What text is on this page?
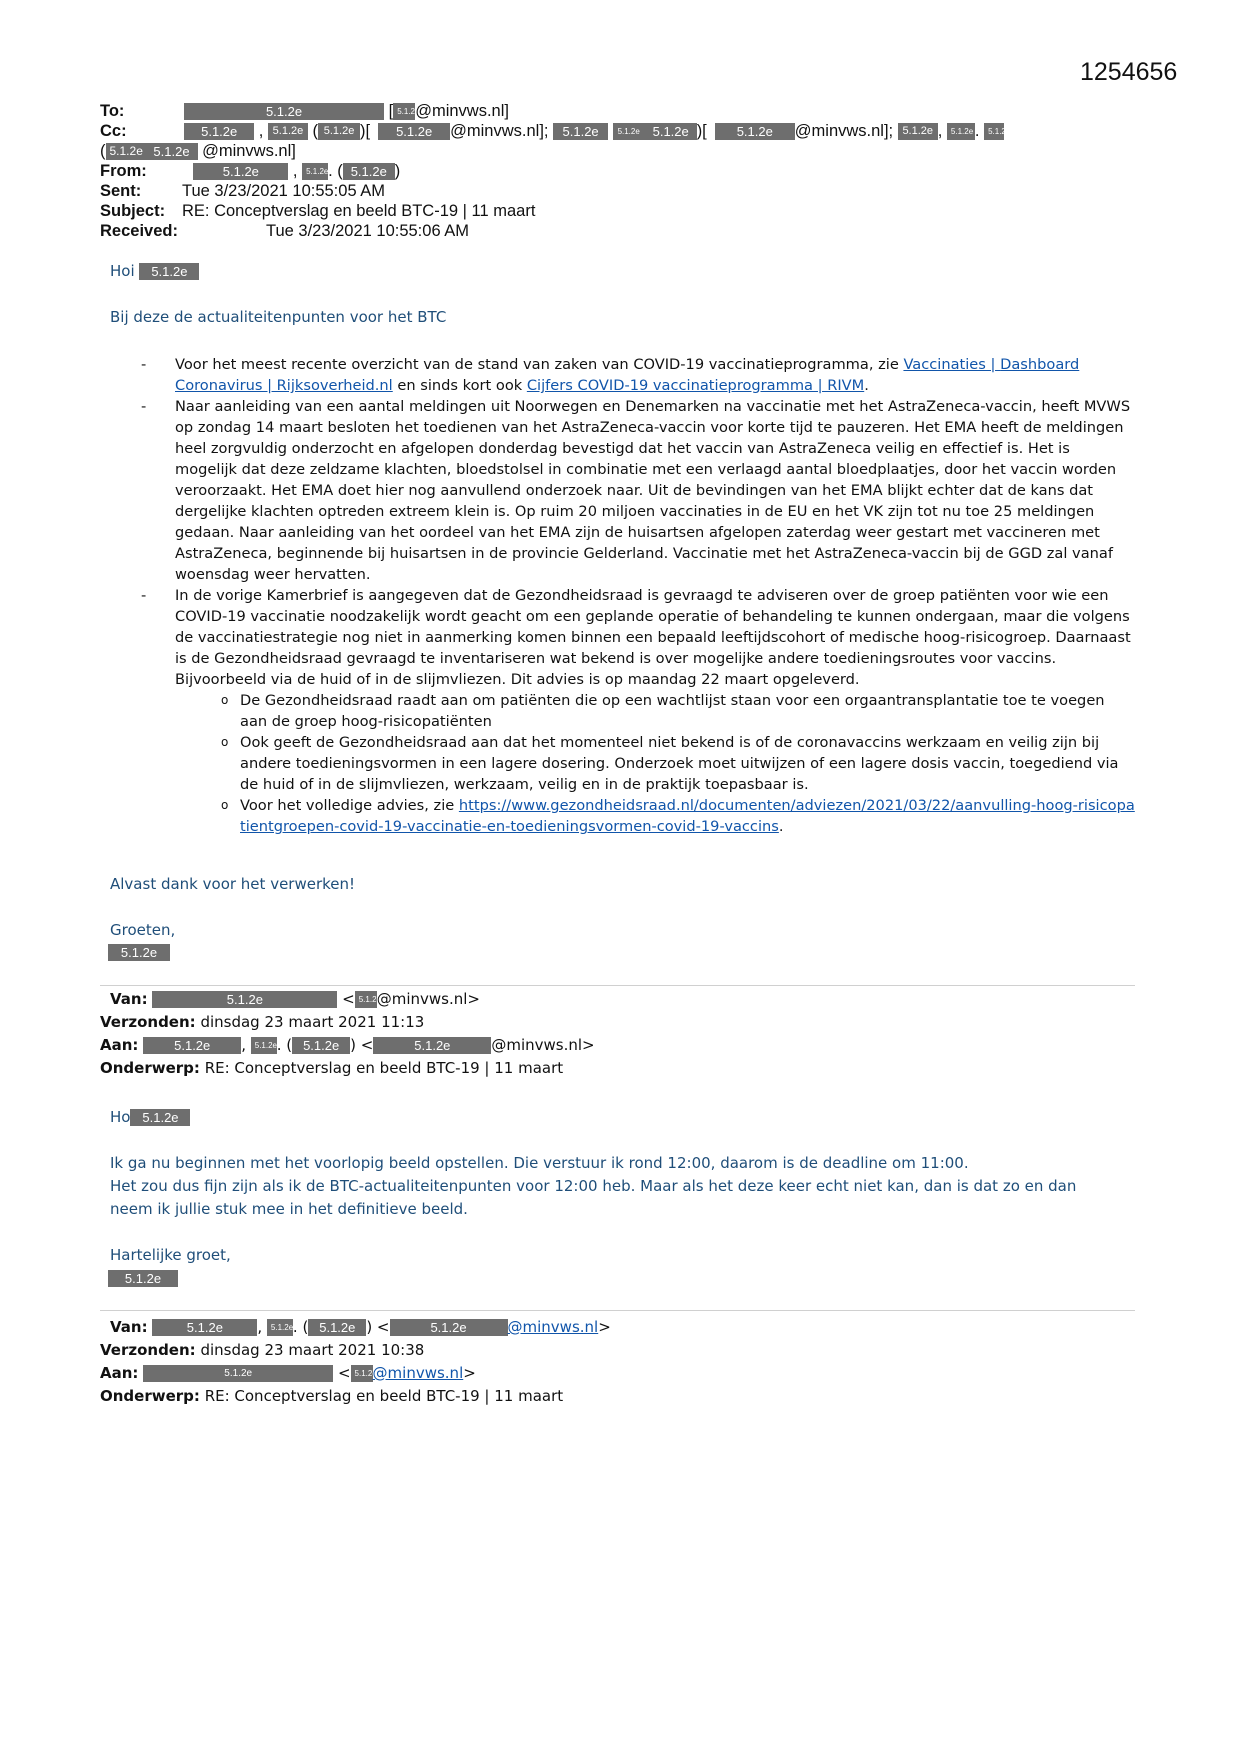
1254656
To:	5.1.2e	[ 5.1.2e@minvws.nl]
Cc:	5.1.2e , 5.1.2e ( 5.1.2e )[ 5.1.2e @minvws.nl]; 5.1.2e 5.1.2e 5.1.2e )[ 5.1.2e @minvws.nl]; 5.1.2e , 5.1.2e . 5.1.2e
( 5.1.2e 5.1.2e @minvws.nl]
From:	5.1.2e , 5.1.2e. ( 5.1.2e )
Sent: Tue 3/23/2021 10:55:05 AM
Subject: RE: Conceptverslag en beeld BTC-19 | 11 maart
Received:	Tue 3/23/2021 10:55:06 AM
Hoi 5.1.2e
Bij deze de actualiteitenpunten voor het BTC
- Voor het meest recente overzicht van de stand van zaken van COVID-19 vaccinatieprogramma, zie Vaccinaties | Dashboard Coronavirus | Rijksoverheid.nl en sinds kort ook Cijfers COVID-19 vaccinatieprogramma | RIVM.
- Naar aanleiding van een aantal meldingen uit Noorwegen en Denemarken na vaccinatie met het AstraZeneca-vaccin, heeft MVWS op zondag 14 maart besloten het toedienen van het AstraZeneca-vaccin voor korte tijd te pauzeren. Het EMA heeft de meldingen heel zorgvuldig onderzocht en afgelopen donderdag bevestigd dat het vaccin van AstraZeneca veilig en effectief is. Het is mogelijk dat deze zeldzame klachten, bloedstolsel in combinatie met een verlaagd aantal bloedplaatjes, door het vaccin worden veroorzaakt. Het EMA doet hier nog aanvullend onderzoek naar. Uit de bevindingen van het EMA blijkt echter dat de kans dat dergelijke klachten optreden extreem klein is. Op ruim 20 miljoen vaccinaties in de EU en het VK zijn tot nu toe 25 meldingen gedaan. Naar aanleiding van het oordeel van het EMA zijn de huisartsen afgelopen zaterdag weer gestart met vaccineren met AstraZeneca, beginnende bij huisartsen in de provincie Gelderland. Vaccinatie met het AstraZeneca-vaccin bij de GGD zal vanaf woensdag weer hervatten.
- In de vorige Kamerbrief is aangegeven dat de Gezondheidsraad is gevraagd te adviseren over de groep patiënten voor wie een COVID-19 vaccinatie noodzakelijk wordt geacht om een geplande operatie of behandeling te kunnen ondergaan, maar die volgens de vaccinatiestrategie nog niet in aanmerking komen binnen een bepaald leeftijdscohort of medische hoog-risicogroep. Daarnaast is de Gezondheidsraad gevraagd te inventariseren wat bekend is over mogelijke andere toedieningsroutes voor vaccins. Bijvoorbeeld via de huid of in de slijmvliezen. Dit advies is op maandag 22 maart opgeleverd.
o De Gezondheidsraad raadt aan om patiënten die op een wachtlijst staan voor een orgaantransplantatie toe te voegen aan de groep hoog-risicopatiënten
o Ook geeft de Gezondheidsraad aan dat het momenteel niet bekend is of de coronavaccins werkzaam en veilig zijn bij andere toedieningsvormen in een lagere dosering. Onderzoek moet uitwijzen of een lagere dosis vaccin, toegediend via de huid of in de slijmvliezen, werkzaam, veilig en in de praktijk toepasbaar is.
o Voor het volledige advies, zie https://www.gezondheidsraad.nl/documenten/adviezen/2021/03/22/aanvulling-hoog-risicopatientgroepen-covid-19-vaccinatie-en-toedieningsvormen-covid-19-vaccins.
Alvast dank voor het verwerken!
Groeten,
5.1.2e
Van:	5.1.2e	< 5.1.2e@minvws.nl>
Verzonden: dinsdag 23 maart 2021 11:13
Aan:	5.1.2e , 5.1.2e. ( 5.1.2e ) <	5.1.2e	@minvws.nl>
Onderwerp: RE: Conceptverslag en beeld BTC-19 | 11 maart
Ho 5.1.2e
Ik ga nu beginnen met het voorlopig beeld opstellen. Die verstuur ik rond 12:00, daarom is de deadline om 11:00.
Het zou dus fijn zijn als ik de BTC-actualiteitenpunten voor 12:00 heb. Maar als het deze keer echt niet kan, dan is dat zo en dan
neem ik jullie stuk mee in het definitieve beeld.
Hartelijke groet,
5.1.2e
Van:	5.1.2e , 5.1.2e. ( 5.1.2e ) <	5.1.2e	@minvws.nl>
Verzonden: dinsdag 23 maart 2021 10:38
Aan:	5.1.2e	< 5.1.2e@minvws.nl>
Onderwerp: RE: Conceptverslag en beeld BTC-19 | 11 maart
